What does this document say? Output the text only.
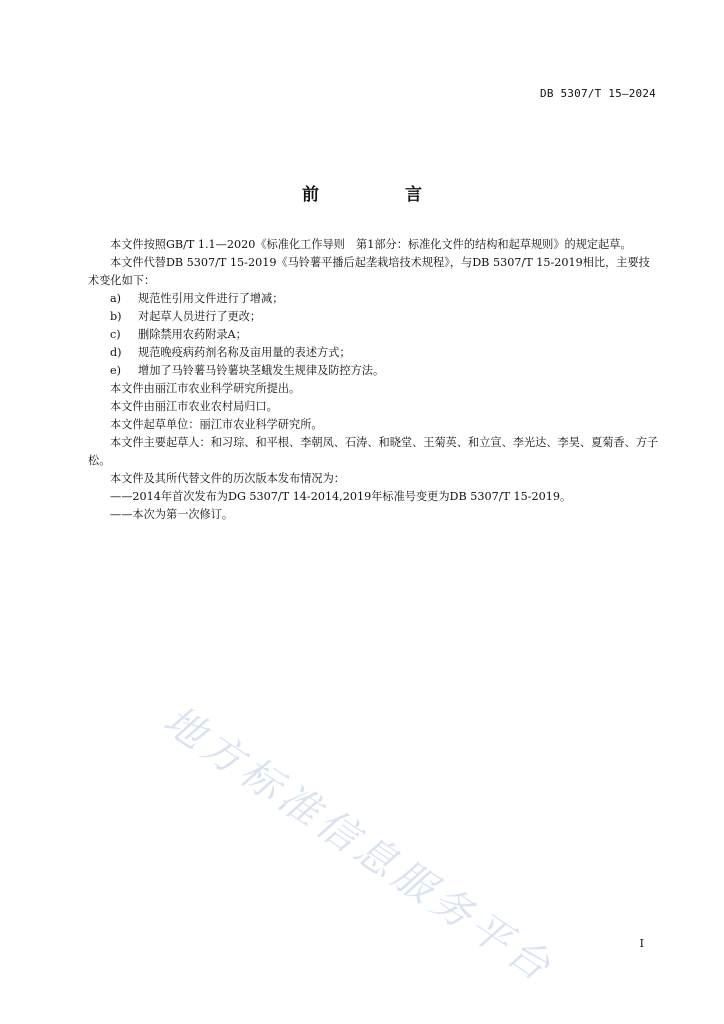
DB 5307/T 15—2024
前 言

本文件按照GB/T 1.1—2020《标准化工作导则　第1部分：标准化文件的结构和起草规则》的规定起草。

本文件代替DB 5307/T 15-2019《马铃薯平播后起垄栽培技术规程》，与DB 5307/T 15-2019相比，主要技术变化如下：

a)	规范性引用文件进行了增减；
b)	对起草人员进行了更改；
c)	删除禁用农药附录A；
d)	规范晚疫病药剂名称及亩用量的表述方式；
e)	增加了马铃薯马铃薯块茎蛾发生规律及防控方法。

本文件由丽江市农业科学研究所提出。

本文件由丽江市农业农村局归口。

本文件起草单位：丽江市农业科学研究所。

本文件主要起草人：和习琮、和平根、李朝凤、石涛、和晓堂、王菊英、和立宣、李光达、李昊、夏菊香、方子松。

本文件及其所代替文件的历次版本发布情况为：

——2014年首次发布为DG 5307/T 14-2014,2019年标准号变更为DB 5307/T 15-2019。

——本次为第一次修订。

地方标准信息服务平台	I
